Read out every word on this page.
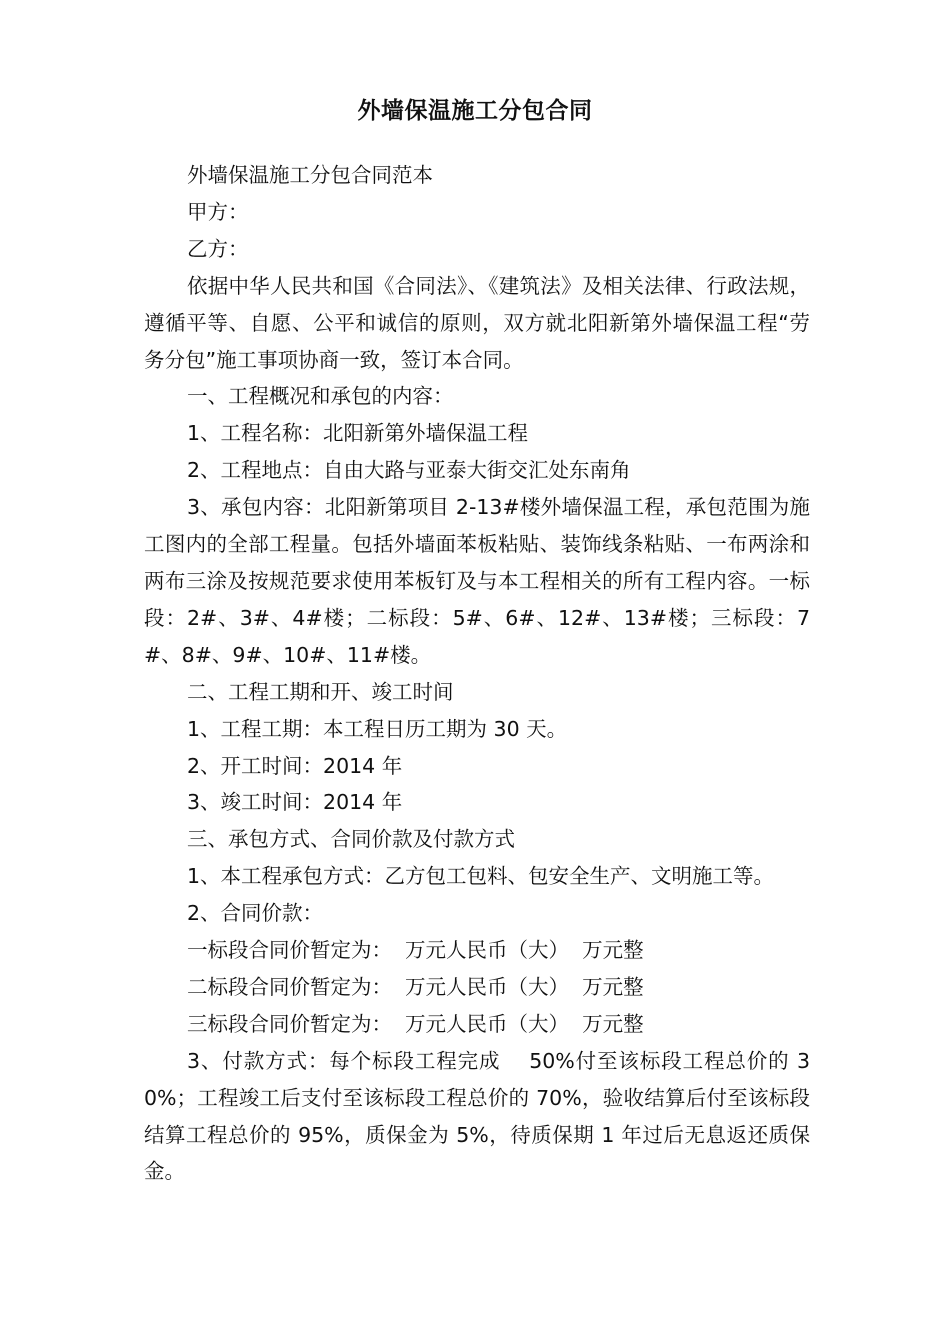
外墙保温施工分包合同

外墙保温施工分包合同范本

甲方：

乙方：

依据中华人民共和国《合同法》、《建筑法》及相关法律、行政法规，遵循平等、自愿、公平和诚信的原则，双方就北阳新第外墙保温工程“劳务分包”施工事项协商一致，签订本合同。

一、工程概况和承包的内容：

1、工程名称：北阳新第外墙保温工程

2、工程地点：自由大路与亚泰大街交汇处东南角

3、承包内容：北阳新第项目 2-13#楼外墙保温工程，承包范围为施工图内的全部工程量。包括外墙面苯板粘贴、装饰线条粘贴、一布两涂和两布三涂及按规范要求使用苯板钉及与本工程相关的所有工程内容。一标段：2#、3#、4#楼；二标段：5#、6#、12#、13#楼；三标段：7#、8#、9#、10#、11#楼。

二、工程工期和开、竣工时间

1、工程工期：本工程日历工期为 30 天。

2、开工时间：2014 年

3、竣工时间：2014 年

三、承包方式、合同价款及付款方式

1、本工程承包方式：乙方包工包料、包安全生产、文明施工等。

2、合同价款：

一标段合同价暂定为：  万元人民币（大）  万元整

二标段合同价暂定为：  万元人民币（大）  万元整

三标段合同价暂定为：  万元人民币（大）  万元整

3、付款方式：每个标段工程完成　 50%付至该标段工程总价的 30%；工程竣工后支付至该标段工程总价的 70%，验收结算后付至该标段结算工程总价的 95%，质保金为 5%，待质保期 1 年过后无息返还质保金。
